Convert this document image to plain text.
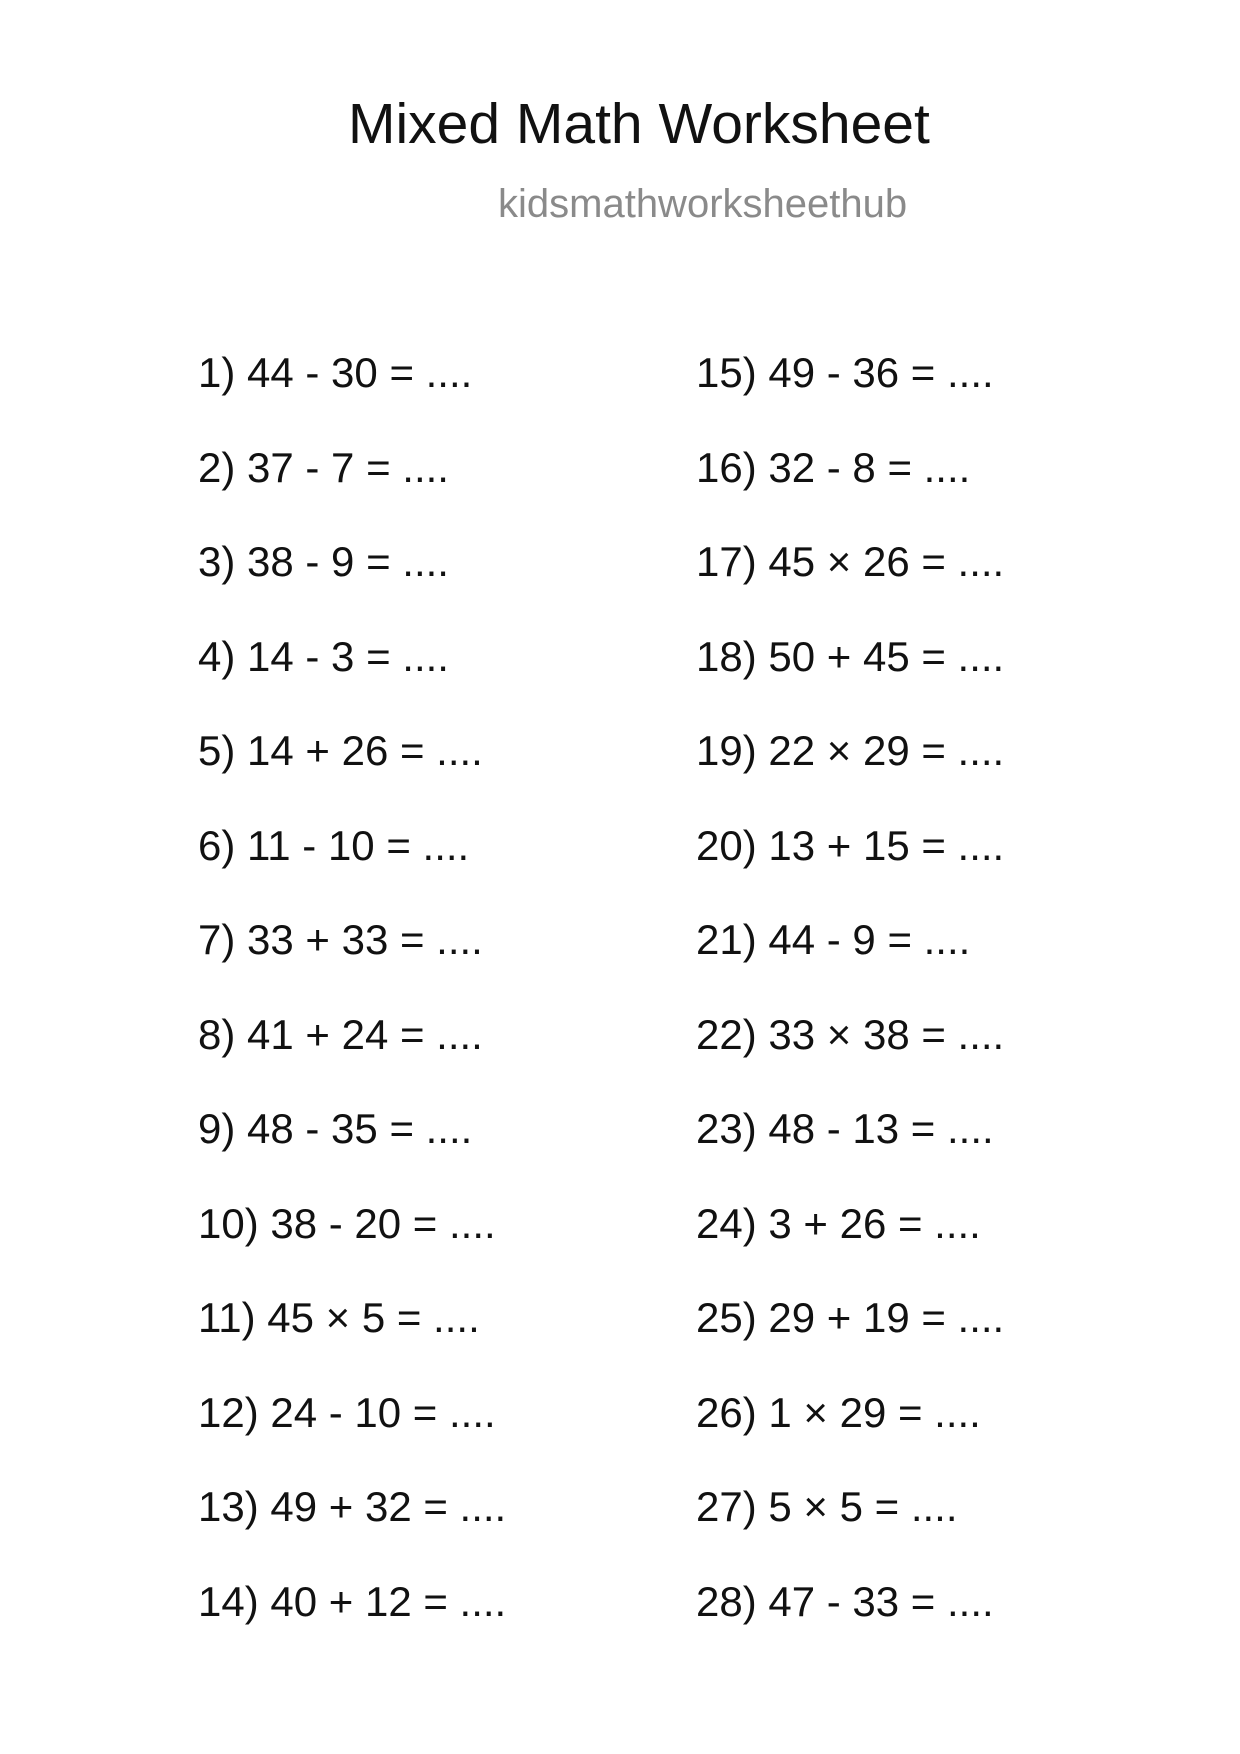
Mixed Math Worksheet
kidsmathworksheethub
1) 44 - 30 = ....
2) 37 - 7 = ....
3) 38 - 9 = ....
4) 14 - 3 = ....
5) 14 + 26 = ....
6) 11 - 10 = ....
7) 33 + 33 = ....
8) 41 + 24 = ....
9) 48 - 35 = ....
10) 38 - 20 = ....
11) 45 × 5 = ....
12) 24 - 10 = ....
13) 49 + 32 = ....
14) 40 + 12 = ....
15) 49 - 36 = ....
16) 32 - 8 = ....
17) 45 × 26 = ....
18) 50 + 45 = ....
19) 22 × 29 = ....
20) 13 + 15 = ....
21) 44 - 9 = ....
22) 33 × 38 = ....
23) 48 - 13 = ....
24) 3 + 26 = ....
25) 29 + 19 = ....
26) 1 × 29 = ....
27) 5 × 5 = ....
28) 47 - 33 = ....
